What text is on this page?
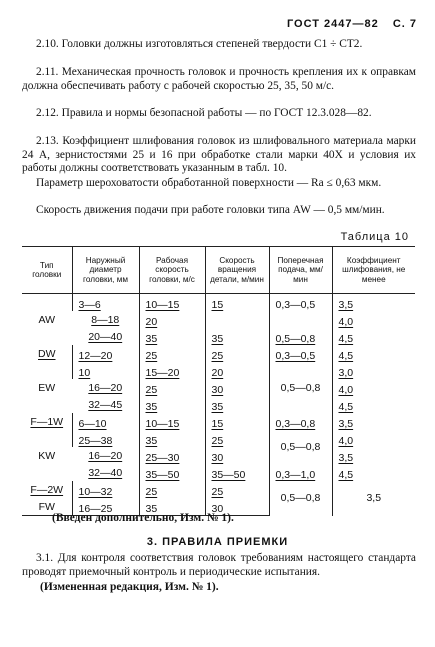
ГОСТ 2447—82 С. 7
2.10. Головки должны изготовляться степеней твердости С1 ÷ СТ2.
2.11. Механическая прочность головок и прочность крепления их к оправкам должна обеспечивать работу с рабочей скоростью 25, 35, 50 м/с.
2.12. Правила и нормы безопасной работы — по ГОСТ 12.3.028—82.
2.13. Коэффициент шлифования головок из шлифовального материала марки 24 А, зернистостями 25 и 16 при обработке стали марки 40Х и условия их работы должны соответствовать указанным в табл. 10.
Параметр шероховатости обработанной поверхности — Ra ≤ 0,63 мкм.
Скорость движения подачи при работе головки типа AW — 0,5 мм/мин.
Таблица 10
Тип головки	Наружный диаметр головки, мм	Рабочая скорость головки, м/с	Скорость вращения детали, м/мин	Поперечная подача, мм/мин	Коэффициент шлифования, не менее
AW	3—6	10—15	15	0,3—0,5	3,5
	8—18	20			4,0
	20—40	35	35	0,5—0,8	4,5
DW	12—20	25	25	0,3—0,5	4,5
EW	10	15—20	20	0,5—0,8	3,0
	16—20	25	30		4,0
	32—45	35	35		4,5
F—1W	6—10	10—15	15	0,3—0,8	3,5
KW	25—38	35	25	0,5—0,8	4,0
	16—20	25—30	30		3,5
	32—40	35—50	35—50	0,3—1,0	4,5
F—2W	10—32	25	25	0,5—0,8	3,5
FW	16—25	35	30		
(Введен дополнительно, Изм. № 1).
3. ПРАВИЛА ПРИЕМКИ
3.1. Для контроля соответствия головок требованиям настоящего стандарта проводят приемочный контроль и периодические испытания.
(Измененная редакция, Изм. № 1).
